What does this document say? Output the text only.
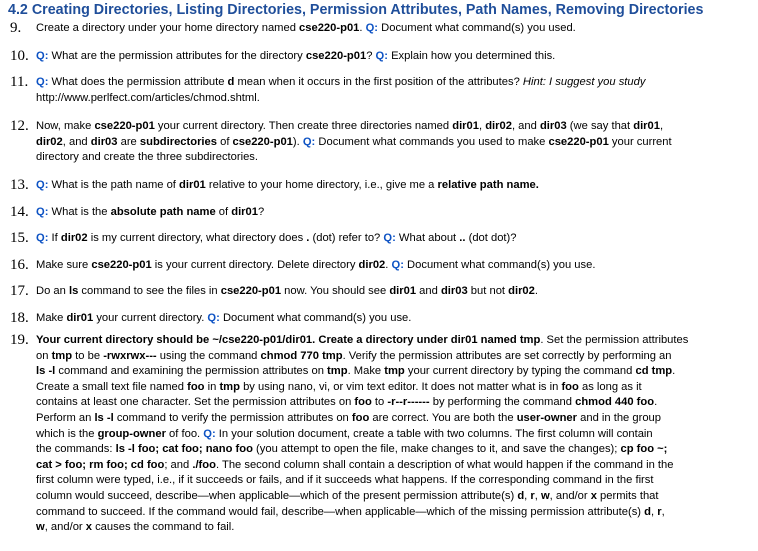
4.2 Creating Directories, Listing Directories, Permission Attributes, Path Names, Removing Directories
9.	Create a directory under your home directory named cse220-p01. Q: Document what command(s) you used.
10. Q: What are the permission attributes for the directory cse220-p01? Q: Explain how you determined this.
11. Q: What does the permission attribute d mean when it occurs in the first position of the attributes? Hint: I suggest you study
http://www.perlfect.com/articles/chmod.shtml.
12. Now, make cse220-p01 your current directory. Then create three directories named dir01, dir02, and dir03 (we say that dir01,
dir02, and dir03 are subdirectories of cse220-p01). Q: Document what commands you used to make cse220-p01 your current
directory and create the three subdirectories.
13. Q: What is the path name of dir01 relative to your home directory, i.e., give me a relative path name.
14. Q: What is the absolute path name of dir01?
15. Q: If dir02 is my current directory, what directory does . (dot) refer to? Q: What about .. (dot dot)?
16. Make sure cse220-p01 is your current directory. Delete directory dir02. Q: Document what command(s) you use.
17. Do an ls command to see the files in cse220-p01 now. You should see dir01 and dir03 but not dir02.
18. Make dir01 your current directory. Q: Document what command(s) you use.
19. Your current directory should be ~/cse220-p01/dir01. Create a directory under dir01 named tmp. Set the permission attributes
on tmp to be -rwxrwx--- using the command chmod 770 tmp. Verify the permission attributes are set correctly by performing an
ls -l command and examining the permission attributes on tmp. Make tmp your current directory by typing the command cd tmp.
Create a small text file named foo in tmp by using nano, vi, or vim text editor. It does not matter what is in foo as long as it
contains at least one character. Set the permission attributes on foo to -r--r------ by performing the command chmod 440 foo.
Perform an ls -l command to verify the permission attributes on foo are correct. You are both the user-owner and in the group
which is the group-owner of foo. Q: In your solution document, create a table with two columns. The first column will contain
the commands: ls -l foo; cat foo; nano foo (you attempt to open the file, make changes to it, and save the changes); cp foo ~;
cat > foo; rm foo; cd foo; and ./foo. The second column shall contain a description of what would happen if the command in the
first column were typed, i.e., if it succeeds or fails, and if it succeeds what happens. If the corresponding command in the first
column would succeed, describe—when applicable—which of the present permission attribute(s) d, r, w, and/or x permits that
command to succeed. If the command would fail, describe—when applicable—which of the missing permission attribute(s) d, r,
w, and/or x causes the command to fail.
